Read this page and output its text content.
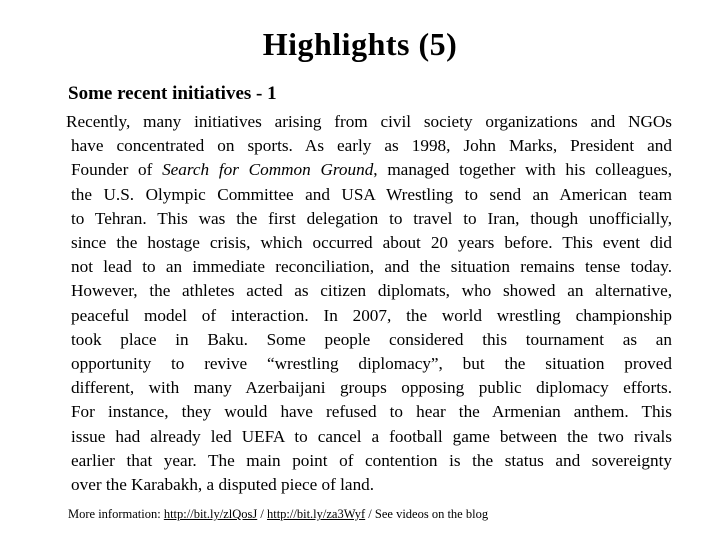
Highlights (5)
Some recent initiatives - 1
Recently, many initiatives arising from civil society organizations and NGOs
have concentrated on sports. As early as 1998, John Marks, President and
Founder of Search for Common Ground, managed together with his colleagues,
the U.S. Olympic Committee and USA Wrestling to send an American team
to Tehran. This was the first delegation to travel to Iran, though unofficially,
since the hostage crisis, which occurred about 20 years before. This event did
not lead to an immediate reconciliation, and the situation remains tense today.
However, the athletes acted as citizen diplomats, who showed an alternative,
peaceful model of interaction. In 2007, the world wrestling championship
took place in Baku. Some people considered this tournament as an
opportunity to revive “wrestling diplomacy”, but the situation proved
different, with many Azerbaijani groups opposing public diplomacy efforts.
For instance, they would have refused to hear the Armenian anthem. This
issue had already led UEFA to cancel a football game between the two rivals
earlier that year. The main point of contention is the status and sovereignty
over the Karabakh, a disputed piece of land.
More information: http://bit.ly/zlQosJ / http://bit.ly/za3Wyf / See videos on the blog
